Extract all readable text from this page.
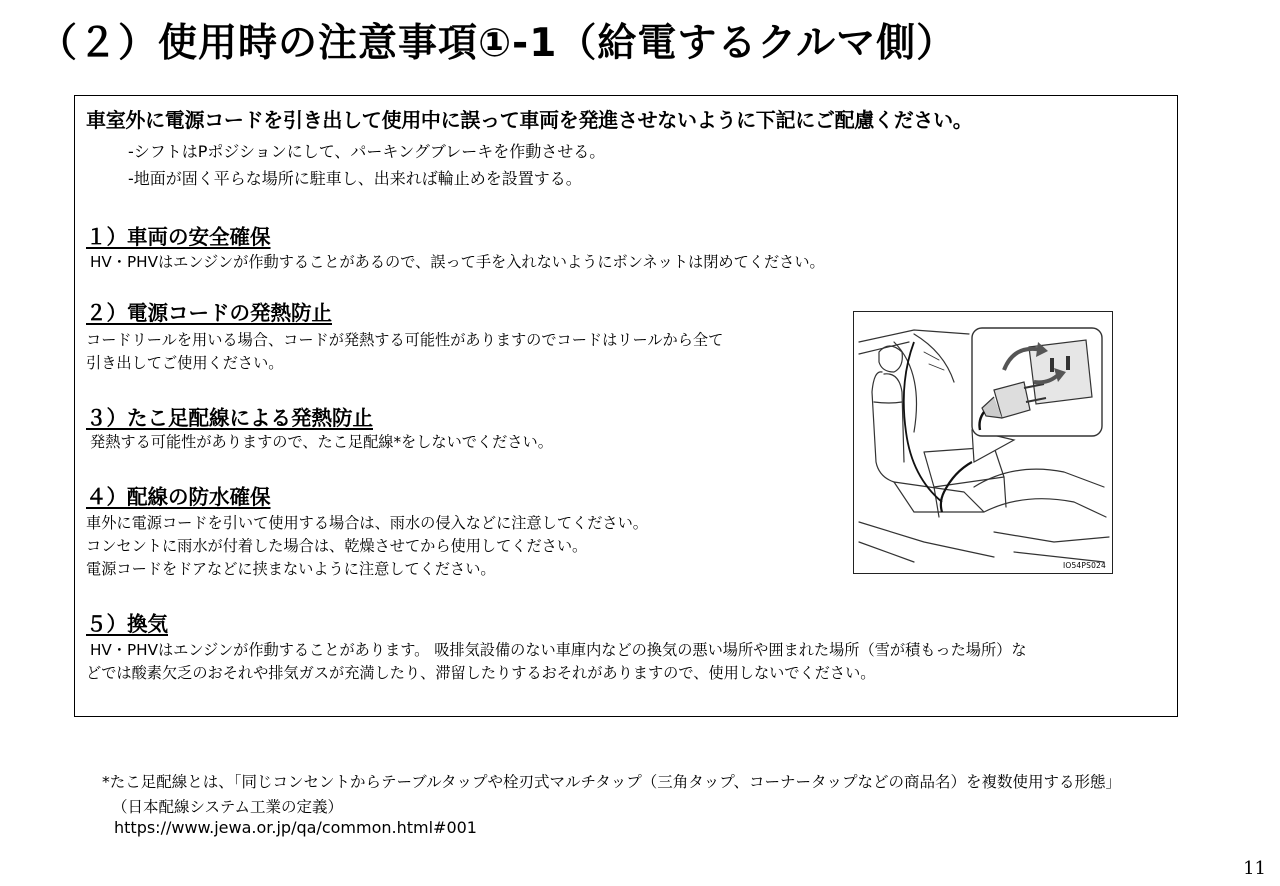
（２）使用時の注意事項①-1（給電するクルマ側）
車室外に電源コードを引き出して使用中に誤って車両を発進させないように下記にご配慮ください。
-シフトはPポジションにして、パーキングブレーキを作動させる。
-地面が固く平らな場所に駐車し、出来れば輪止めを設置する。
１）車両の安全確保
HV・PHVはエンジンが作動することがあるので、誤って手を入れないようにボンネットは閉めてください。
２）電源コードの発熱防止
コードリールを用いる場合、コードが発熱する可能性がありますのでコードはリールから全て
引き出してご使用ください。
３）たこ足配線による発熱防止
発熱する可能性がありますので、たこ足配線*をしないでください。
４）配線の防水確保
車外に電源コードを引いて使用する場合は、雨水の侵入などに注意してください。
コンセントに雨水が付着した場合は、乾燥させてから使用してください。
電源コードをドアなどに挟まないように注意してください。
５）換気
HV・PHVはエンジンが作動することがあります。 吸排気設備のない車庫内などの換気の悪い場所や囲まれた場所（雪が積もった場所）な
どでは酸素欠乏のおそれや排気ガスが充満したり、滞留したりするおそれがありますので、使用しないでください。
IO54PS024
*たこ足配線とは、「同じコンセントからテーブルタップや栓刃式マルチタップ（三角タップ、コーナータップなどの商品名）を複数使用する形態」
（日本配線システム工業の定義）
https://www.jewa.or.jp/qa/common.html#001
11
